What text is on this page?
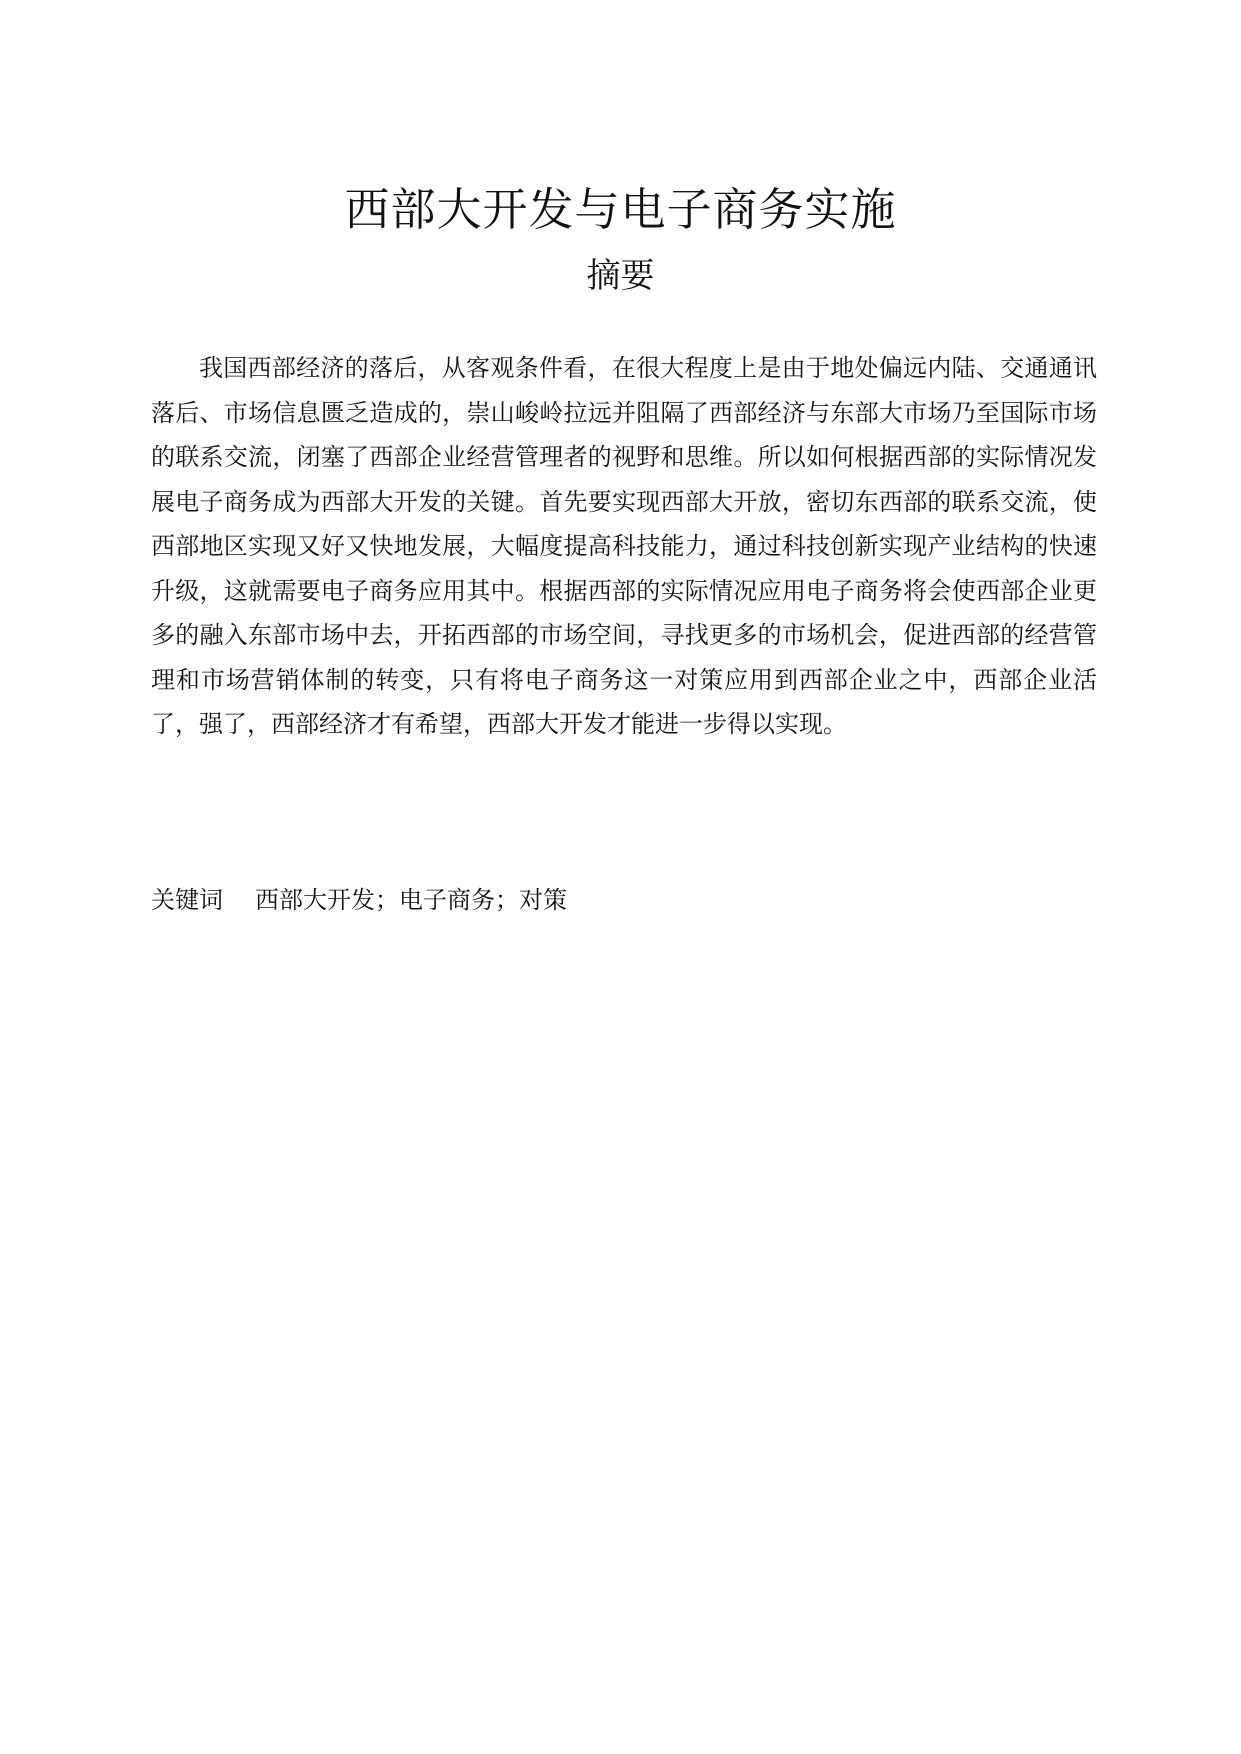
西部大开发与电子商务实施
摘要

我国西部经济的落后，从客观条件看，在很大程度上是由于地处偏远内陆、交通通讯落后、市场信息匮乏造成的，崇山峻岭拉远并阻隔了西部经济与东部大市场乃至国际市场的联系交流，闭塞了西部企业经营管理者的视野和思维。所以如何根据西部的实际情况发展电子商务成为西部大开发的关键。首先要实现西部大开放，密切东西部的联系交流，使西部地区实现又好又快地发展，大幅度提高科技能力，通过科技创新实现产业结构的快速升级，这就需要电子商务应用其中。根据西部的实际情况应用电子商务将会使西部企业更多的融入东部市场中去，开拓西部的市场空间，寻找更多的市场机会，促进西部的经营管理和市场营销体制的转变，只有将电子商务这一对策应用到西部企业之中，西部企业活了，强了，西部经济才有希望，西部大开发才能进一步得以实现。

关键词 西部大开发；电子商务；对策
